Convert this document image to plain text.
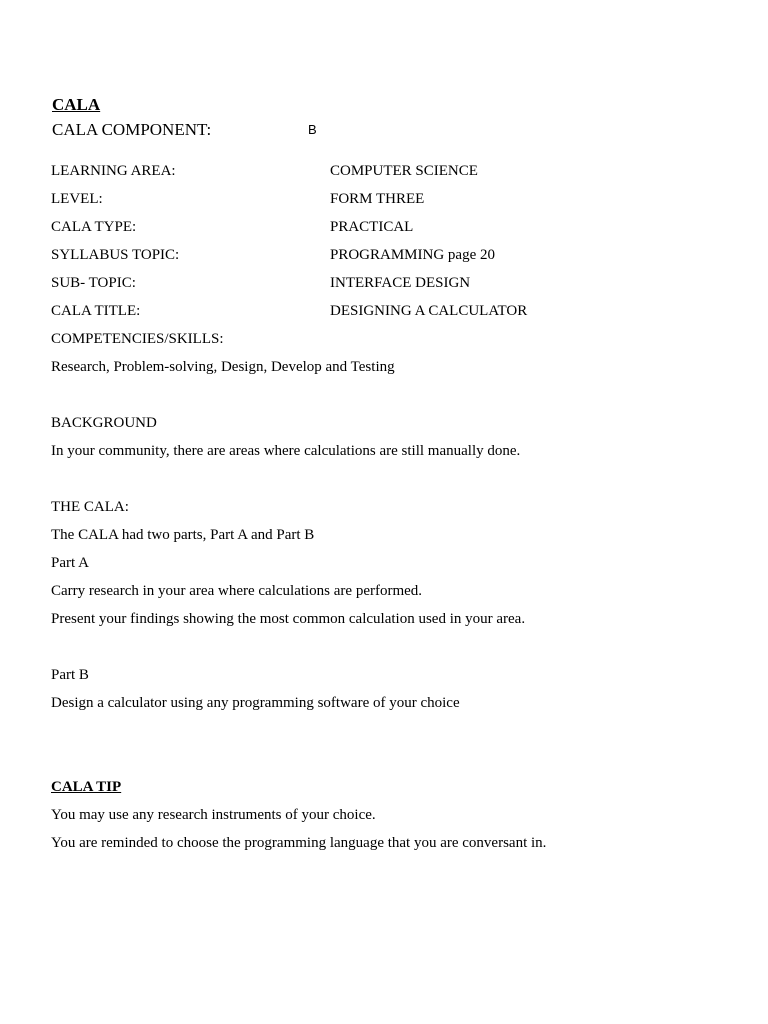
CALA
CALA COMPONENT:	B
LEARNING AREA:	COMPUTER SCIENCE
LEVEL:	FORM THREE
CALA TYPE:	PRACTICAL
SYLLABUS TOPIC:	PROGRAMMING page 20
SUB- TOPIC:	INTERFACE DESIGN
CALA TITLE:	DESIGNING A CALCULATOR
COMPETENCIES/SKILLS:
Research, Problem-solving, Design, Develop and Testing
BACKGROUND
In your community, there are areas where calculations are still manually done.
THE CALA:
The CALA had two parts, Part A and Part B
Part A
Carry research in your area where calculations are performed.
Present your findings showing the most common calculation used in your area.
Part B
Design a calculator using any programming software of your choice
CALA TIP
You may use any research instruments of your choice.
You are reminded to choose the programming language that you are conversant in.
